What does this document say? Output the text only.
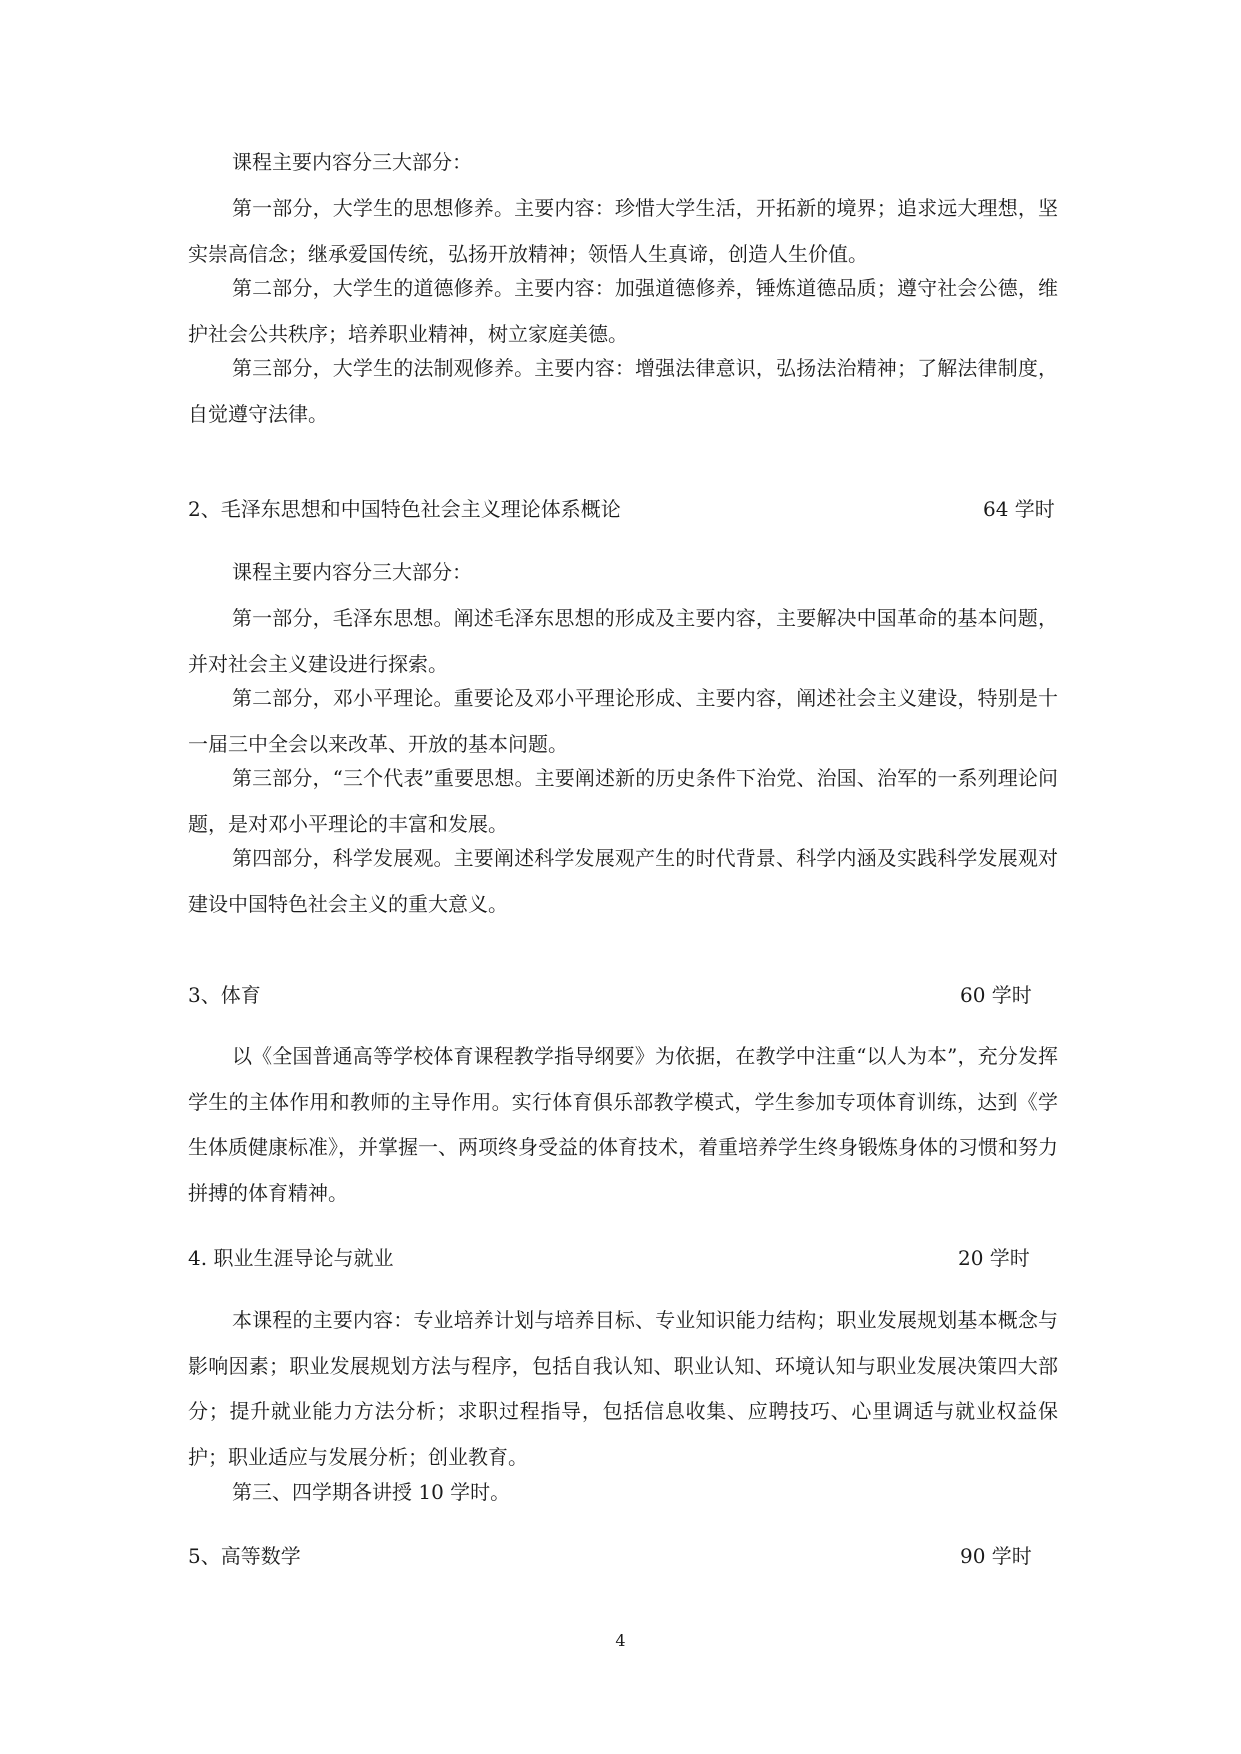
课程主要内容分三大部分：

第一部分，大学生的思想修养。主要内容：珍惜大学生活，开拓新的境界；追求远大理想，坚实崇高信念；继承爱国传统，弘扬开放精神；领悟人生真谛，创造人生价值。

第二部分，大学生的道德修养。主要内容：加强道德修养，锤炼道德品质；遵守社会公德，维护社会公共秩序；培养职业精神，树立家庭美德。

第三部分，大学生的法制观修养。主要内容：增强法律意识，弘扬法治精神；了解法律制度，自觉遵守法律。

2、毛泽东思想和中国特色社会主义理论体系概论	64 学时

课程主要内容分三大部分：

第一部分，毛泽东思想。阐述毛泽东思想的形成及主要内容，主要解决中国革命的基本问题，并对社会主义建设进行探索。

第二部分，邓小平理论。重要论及邓小平理论形成、主要内容，阐述社会主义建设，特别是十一届三中全会以来改革、开放的基本问题。

第三部分，“三个代表”重要思想。主要阐述新的历史条件下治党、治国、治军的一系列理论问题，是对邓小平理论的丰富和发展。

第四部分，科学发展观。主要阐述科学发展观产生的时代背景、科学内涵及实践科学发展观对建设中国特色社会主义的重大意义。

3、体育	60 学时

以《全国普通高等学校体育课程教学指导纲要》为依据，在教学中注重“以人为本”，充分发挥学生的主体作用和教师的主导作用。实行体育俱乐部教学模式，学生参加专项体育训练，达到《学生体质健康标准》，并掌握一、两项终身受益的体育技术，着重培养学生终身锻炼身体的习惯和努力拼搏的体育精神。

4. 职业生涯导论与就业	20 学时

本课程的主要内容：专业培养计划与培养目标、专业知识能力结构；职业发展规划基本概念与影响因素；职业发展规划方法与程序，包括自我认知、职业认知、环境认知与职业发展决策四大部分；提升就业能力方法分析；求职过程指导，包括信息收集、应聘技巧、心里调适与就业权益保护；职业适应与发展分析；创业教育。

第三、四学期各讲授 10 学时。

5、高等数学	90 学时
4
